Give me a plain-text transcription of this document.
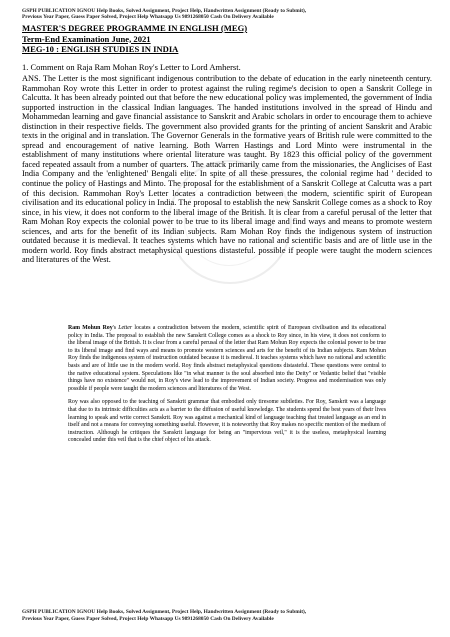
GSPH PUBLICATION IGNOU Help Books, Solved Assignment, Project Help, Handwritten Assignment (Ready to Submit),
Previous Year Paper, Guess Paper Solved, Project Help Whatsapp Us 9891268050 Cash On Delivery Available
MASTER'S DEGREE PROGRAMME IN ENGLISH (MEG)
Term-End Examination June, 2021
MEG-10 : ENGLISH STUDIES IN INDIA
1. Comment on Raja Ram Mohan Roy's Letter to Lord Amherst.

ANS. The Letter is the most significant indigenous contribution to the debate of education in the early nineteenth century. Rammohan Roy wrote this Letter in order to protest against the ruling regime's decision to open a Sanskrit College in Calcutta. It has been already pointed out that before the new educational policy was implemented, the government of India supported instruction in the classical Indian languages. The handed institutions involved in the spread of Hindu and Mohammedan learning and gave financial assistance to Sanskrit and Arabic scholars in order to encourage them to achieve distinction in their respective fields. The government also provided grants for the printing of ancient Sanskrit and Arabic texts in the original and in translation. The Governor Generals in the formative years of British rule were committed to the spread and encouragement of native learning. Both Warren Hastings and Lord Minto were instrumental in the establishment of many institutions where oriental literature was taught. By 1823 this official policy of the government faced repeated assault from a number of quarters. The attack primarily came from the missionaries, the Anglicises of East India Company and the 'enlightened' Bengali elite. In spite of all these pressures, the colonial regime had ' decided to continue the policy of Hastings and Minto. The proposal for the establishment of a Sanskrit College at Calcutta was a part of this decision. Rammohan Roy's Letter locates a contradiction between the modern, scientific spirit of European civilisation and its educational policy in India. The proposal to establish the new Sanskrit College comes as a shock to Roy since, in his view, it does not conform to the liberal image of the British. It is clear from a careful perusal of the letter that Ram Mohan Roy expects the colonial power to be true to its liberal image and find ways and means to promote western sciences, and arts for the benefit of its Indian subjects. Ram Mohan Roy finds the indigenous system of instruction outdated because it is medieval. It teaches systems which have no rational and scientific basis and are of little use in the modern world. Roy finds abstract metaphysical questions distasteful. possible if people were taught the modern sciences and literatures of the West.

Ram Mohun Roy's Letter locates a contradiction between the modern, scientific spirit of European civilisation and its educational policy in India. The proposal to establish the new Sanskrit College comes as a shock to Roy since, in his view, it does not conform to the liberal image of the British. It is clear from a careful perusal of the letter that Ram Mohun Roy expects the colonial power to be true to its liberal image and find ways and means to promote western sciences and arts for the benefit of its Indian subjects. Ram Mohun Roy finds the indigenous system of instruction outdated because it is medieval. It teaches systems which have no rational and scientific basis and are of little use in the modern world. Roy finds abstract metaphysical questions distasteful. These questions were central to the native educational system. Speculations like "in what manner is the soul absorbed into the Deity" or Vedantic belief that "visible things have no existence" would not, in Roy's view lead to the improvement of Indian society. Progress and modernisation was only possible if people were taught the modern sciences and literatures of the West.

Roy was also opposed to the teaching of Sanskrit grammar that embodied only tiresome subtleties. For Roy, Sanskrit was a language that due to its intrinsic difficulties acts as a barrier to the diffusion of useful knowledge. The students spend the best years of their lives learning to speak and write correct Sanskrit. Roy was against a mechanical kind of language teaching that treated language as an end in itself and not a means for conveying something useful. However, it is noteworthy that Roy makes no specific mention of the medium of instruction. Although he critiques the Sanskrit language for being an "impervious veil," it is the useless, metaphysical learning concealed under this veil that is the chief object of his attack.

GSPH PUBLICATION IGNOU Help Books, Solved Assignment, Project Help, Handwritten Assignment (Ready to Submit),
Previous Year Paper, Guess Paper Solved, Project Help Whatsapp Us 9891268050 Cash On Delivery Available
